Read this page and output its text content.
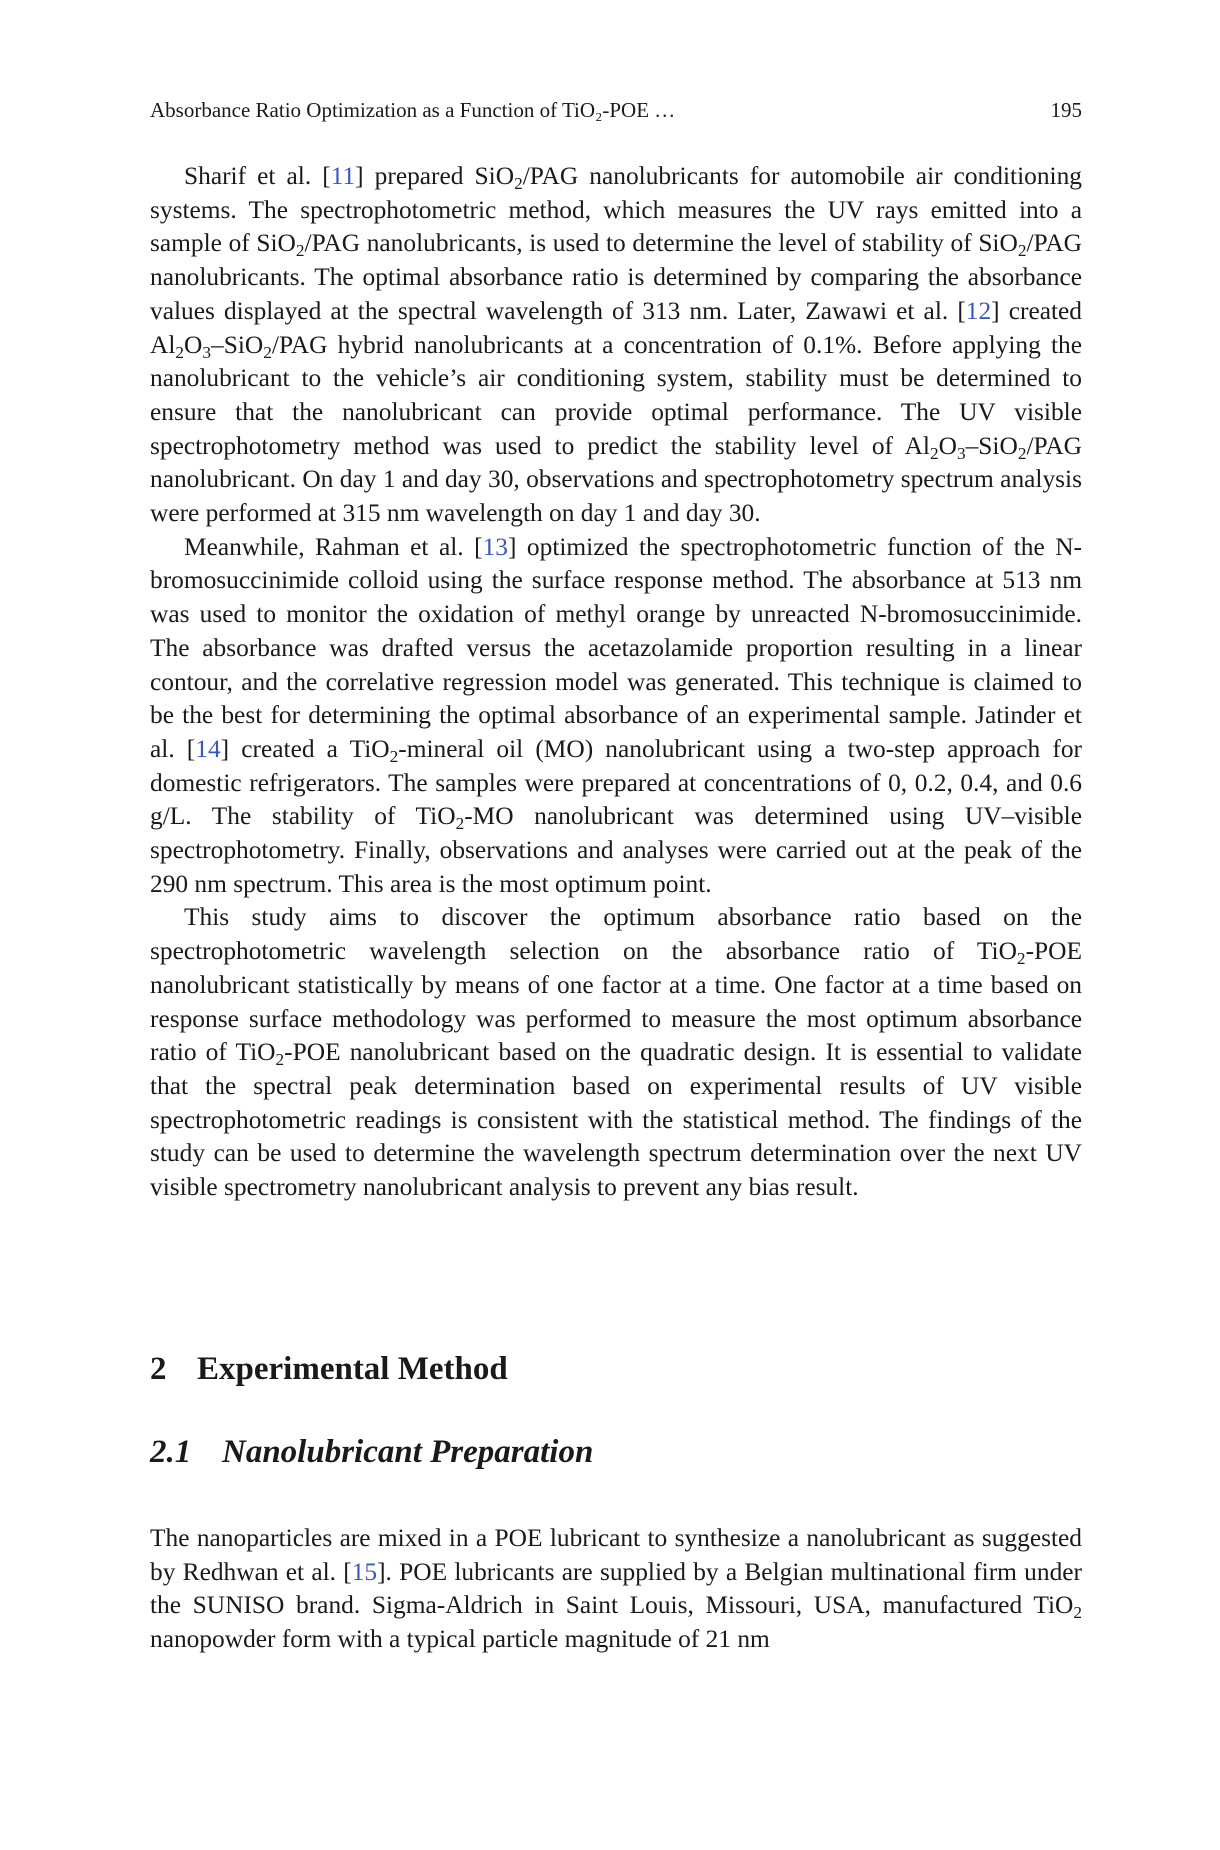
Absorbance Ratio Optimization as a Function of TiO₂-POE …	195

Sharif et al. [11] prepared SiO$_2$/PAG nanolubricants for automobile air conditioning systems. The spectrophotometric method, which measures the UV rays emitted into a sample of SiO$_2$/PAG nanolubricants, is used to determine the level of stability of SiO$_2$/PAG nanolubricants. The optimal absorbance ratio is determined by comparing the absorbance values displayed at the spectral wavelength of 313 nm. Later, Zawawi et al. [12] created $Al_2O_3-SiO_2$/PAG hybrid nanolubricants at a concentration of 0.1%. Before applying the nanolubricant to the vehicle’s air conditioning system, stability must be determined to ensure that the nanolubricant can provide optimal performance. The UV visible spectrophotometry method was used to predict the stability level of $Al_2O_3-SiO_2$/PAG nanolubricant. On day 1 and day 30, observations and spectrophotometry spectrum analysis were performed at 315 nm wavelength on day 1 and day 30.

Meanwhile, Rahman et al. [13] optimized the spectrophotometric function of the N-bromosuccinimide colloid using the surface response method. The absorbance at 513 nm was used to monitor the oxidation of methyl orange by unreacted N-bromosuccinimide. The absorbance was drafted versus the acetazolamide proportion resulting in a linear contour, and the correlative regression model was generated. This technique is claimed to be the best for determining the optimal absorbance of an experimental sample. Jatinder et al. [14] created a TiO$_2$-mineral oil (MO) nanolubricant using a two-step approach for domestic refrigerators. The samples were prepared at concentrations of 0, 0.2, 0.4, and 0.6 g/L. The stability of TiO$_2$-MO nanolubricant was determined using UV–visible spectrophotometry. Finally, observations and analyses were carried out at the peak of the 290 nm spectrum. This area is the most optimum point.

This study aims to discover the optimum absorbance ratio based on the spectrophotometric wavelength selection on the absorbance ratio of TiO$_2$-POE nanolubricant statistically by means of one factor at a time. One factor at a time based on response surface methodology was performed to measure the most optimum absorbance ratio of TiO$_2$-POE nanolubricant based on the quadratic design. It is essential to validate that the spectral peak determination based on experimental results of UV visible spectrophotometric readings is consistent with the statistical method. The findings of the study can be used to determine the wavelength spectrum determination over the next UV visible spectrometry nanolubricant analysis to prevent any bias result.

2 Experimental Method
2.1 Nanolubricant Preparation

The nanoparticles are mixed in a POE lubricant to synthesize a nanolubricant as suggested by Redhwan et al. [15]. POE lubricants are supplied by a Belgian multinational firm under the SUNISO brand. Sigma-Aldrich in Saint Louis, Missouri, USA, manufactured TiO$_2$ nanopowder form with a typical particle magnitude of 21 nm
